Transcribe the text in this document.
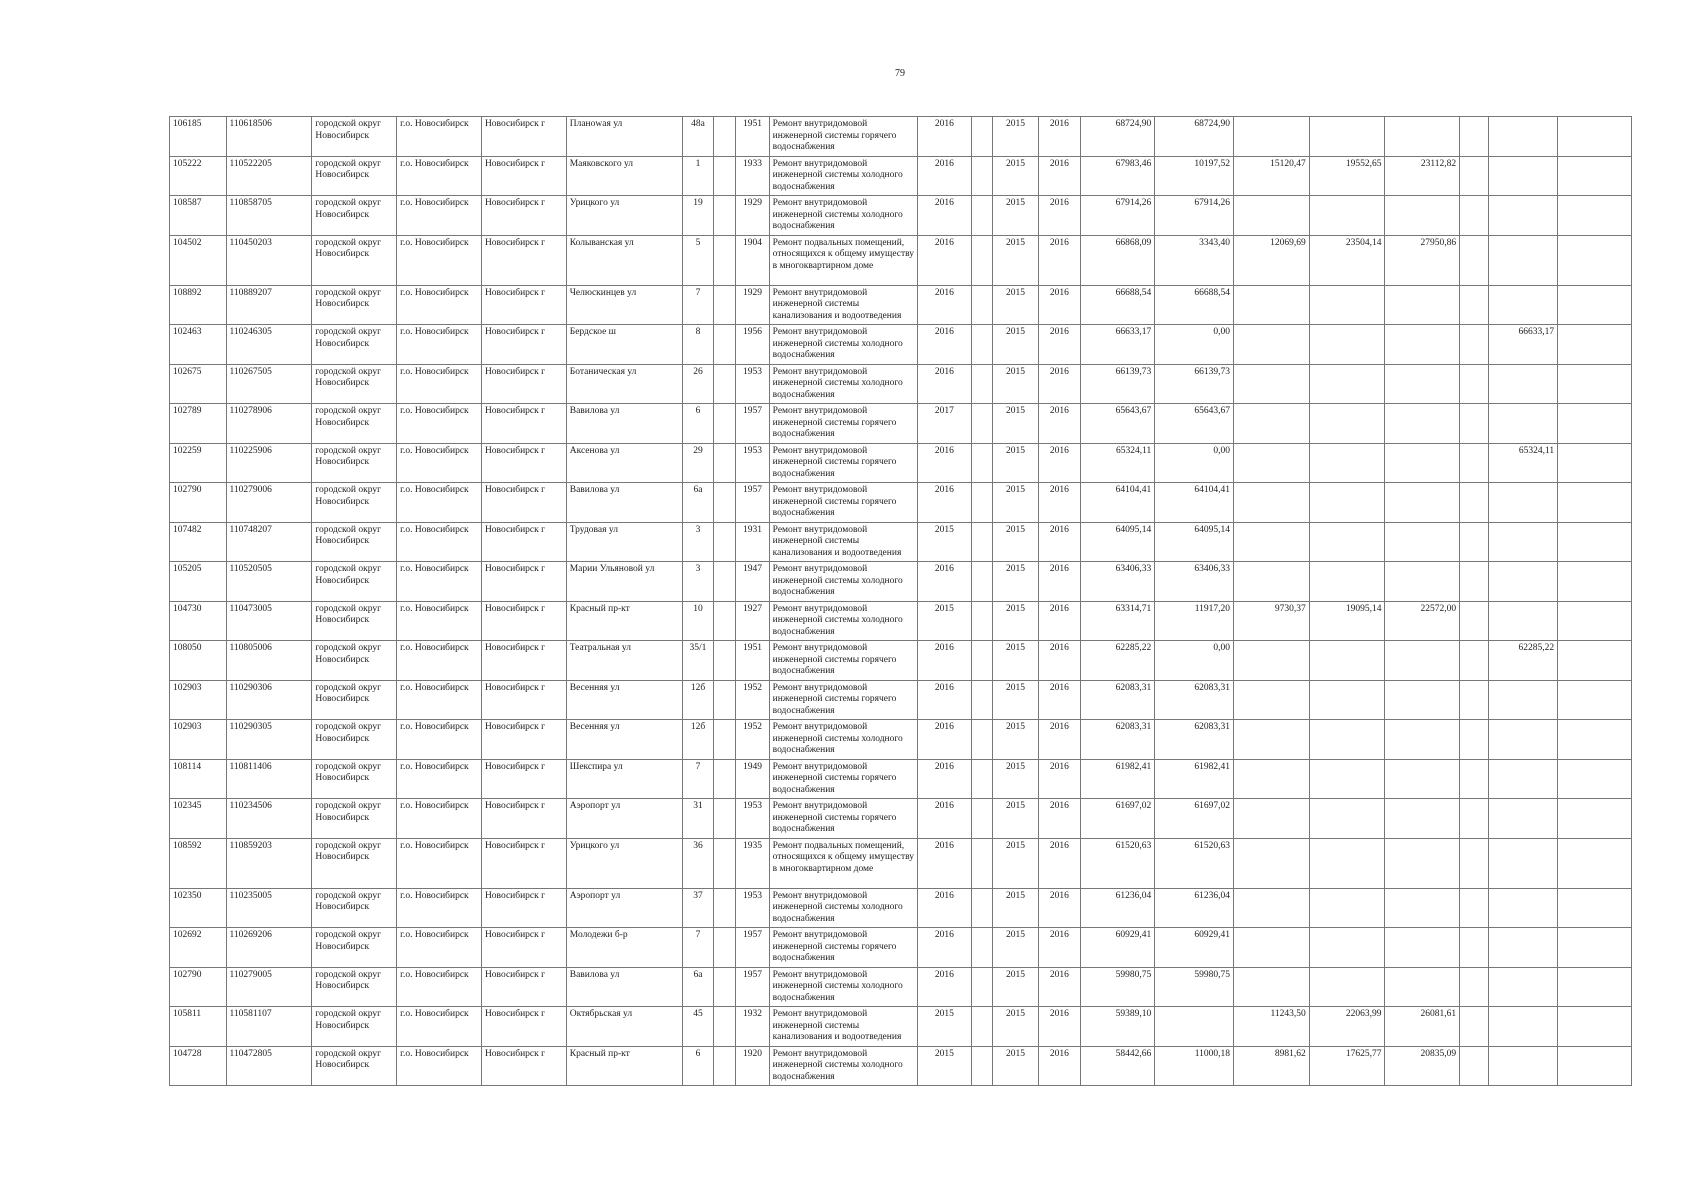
79
106185	110618506	городской округ Новосибирск	г.о. Новосибирск	Новосибирск г	Планowая ул	48а		1951	Ремонт внутридомовой инженерной системы горячего водоснабжения	2016		2015	2016	68724,90	68724,90						
105222	110522205	городской округ Новосибирск	г.о. Новосибирск	Новосибирск г	Маяковского ул	1		1933	Ремонт внутридомовой инженерной системы холодного водоснабжения	2016		2015	2016	67983,46	10197,52	15120,47	19552,65	23112,82			
108587	110858705	городской округ Новосибирск	г.о. Новосибирск	Новосибирск г	Урицкого ул	19		1929	Ремонт внутридомовой инженерной системы холодного водоснабжения	2016		2015	2016	67914,26	67914,26						
104502	110450203	городской округ Новосибирск	г.о. Новосибирск	Новосибирск г	Колыванская ул	5		1904	Ремонт подвальных помещений, относящихся к общему имуществу в многоквартирном доме	2016		2015	2016	66868,09	3343,40	12069,69	23504,14	27950,86			
108892	110889207	городской округ Новосибирск	г.о. Новосибирск	Новосибирск г	Челюскинцев ул	7		1929	Ремонт внутридомовой инженерной системы канализования и водоотведения	2016		2015	2016	66688,54	66688,54						
102463	110246305	городской округ Новосибирск	г.о. Новосибирск	Новосибирск г	Бердское ш	8		1956	Ремонт внутридомовой инженерной системы холодного водоснабжения	2016		2015	2016	66633,17	0,00					66633,17	
102675	110267505	городской округ Новосибирск	г.о. Новосибирск	Новосибирск г	Ботаническая ул	26		1953	Ремонт внутридомовой инженерной системы холодного водоснабжения	2016		2015	2016	66139,73	66139,73						
102789	110278906	городской округ Новосибирск	г.о. Новосибирск	Новосибирск г	Вавилова ул	6		1957	Ремонт внутридомовой инженерной системы горячего водоснабжения	2017		2015	2016	65643,67	65643,67						
102259	110225906	городской округ Новосибирск	г.о. Новосибирск	Новосибирск г	Аксенова ул	29		1953	Ремонт внутридомовой инженерной системы горячего водоснабжения	2016		2015	2016	65324,11	0,00					65324,11	
102790	110279006	городской округ Новосибирск	г.о. Новосибирск	Новосибирск г	Вавилова ул	6а		1957	Ремонт внутридомовой инженерной системы горячего водоснабжения	2016		2015	2016	64104,41	64104,41						
107482	110748207	городской округ Новосибирск	г.о. Новосибирск	Новосибирск г	Трудовая ул	3		1931	Ремонт внутридомовой инженерной системы канализования и водоотведения	2015		2015	2016	64095,14	64095,14						
105205	110520505	городской округ Новосибирск	г.о. Новосибирск	Новосибирск г	Марии Ульяновой ул	3		1947	Ремонт внутридомовой инженерной системы холодного водоснабжения	2016		2015	2016	63406,33	63406,33						
104730	110473005	городской округ Новосибирск	г.о. Новосибирск	Новосибирск г	Красный пр-кт	10		1927	Ремонт внутридомовой инженерной системы холодного водоснабжения	2015		2015	2016	63314,71	11917,20	9730,37	19095,14	22572,00			
108050	110805006	городской округ Новосибирск	г.о. Новосибирск	Новосибирск г	Театральная ул	35/1		1951	Ремонт внутридомовой инженерной системы горячего водоснабжения	2016		2015	2016	62285,22	0,00					62285,22	
102903	110290306	городской округ Новосибирск	г.о. Новосибирск	Новосибирск г	Весенняя ул	12б		1952	Ремонт внутридомовой инженерной системы горячего водоснабжения	2016		2015	2016	62083,31	62083,31						
102903	110290305	городской округ Новосибирск	г.о. Новосибирск	Новосибирск г	Весенняя ул	12б		1952	Ремонт внутридомовой инженерной системы холодного водоснабжения	2016		2015	2016	62083,31	62083,31						
108114	110811406	городской округ Новосибирск	г.о. Новосибирск	Новосибирск г	Шекспира ул	7		1949	Ремонт внутридомовой инженерной системы горячего водоснабжения	2016		2015	2016	61982,41	61982,41						
102345	110234506	городской округ Новосибирск	г.о. Новосибирск	Новосибирск г	Аэропорт ул	31		1953	Ремонт внутридомовой инженерной системы горячего водоснабжения	2016		2015	2016	61697,02	61697,02						
108592	110859203	городской округ Новосибирск	г.о. Новосибирск	Новосибирск г	Урицкого ул	36		1935	Ремонт подвальных помещений, относящихся к общему имуществу в многоквартирном доме	2016		2015	2016	61520,63	61520,63						
102350	110235005	городской округ Новосибирск	г.о. Новосибирск	Новосибирск г	Аэропорт ул	37		1953	Ремонт внутридомовой инженерной системы холодного водоснабжения	2016		2015	2016	61236,04	61236,04						
102692	110269206	городской округ Новосибирск	г.о. Новосибирск	Новосибирск г	Молодежи б-р	7		1957	Ремонт внутридомовой инженерной системы горячего водоснабжения	2016		2015	2016	60929,41	60929,41						
102790	110279005	городской округ Новосибирск	г.о. Новосибирск	Новосибирск г	Вавилова ул	6а		1957	Ремонт внутридомовой инженерной системы холодного водоснабжения	2016		2015	2016	59980,75	59980,75						
105811	110581107	городской округ Новосибирск	г.о. Новосибирск	Новосибирск г	Октябрьская ул	45		1932	Ремонт внутридомовой инженерной системы канализования и водоотведения	2015		2015	2016	59389,10		11243,50	22063,99	26081,61			
104728	110472805	городской округ Новосибирск	г.о. Новосибирск	Новосибирск г	Красный пр-кт	6		1920	Ремонт внутридомовой инженерной системы холодного водоснабжения	2015		2015	2016	58442,66	11000,18	8981,62	17625,77	20835,09			
